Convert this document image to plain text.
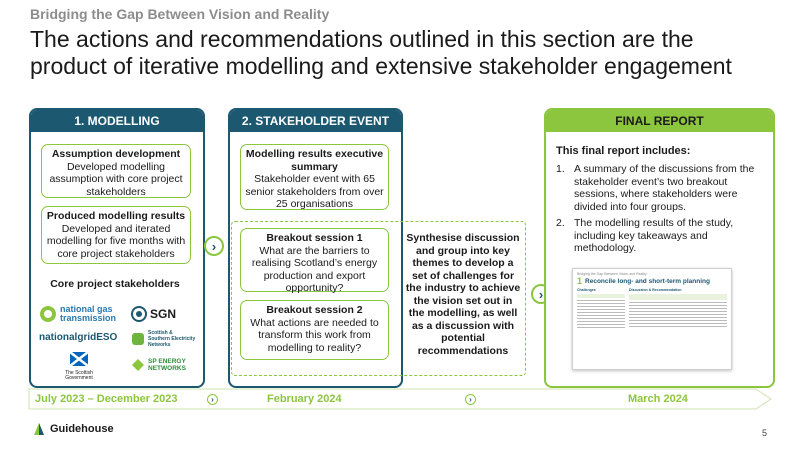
Bridging the Gap Between Vision and Reality
The actions and recommendations outlined in this section are the product of iterative modelling and extensive stakeholder engagement
1. MODELLING
Assumption development
Developed modelling assumption with core project stakeholders
Produced modelling results
Developed and iterated modelling for five months with core project stakeholders
Core project stakeholders
national gas transmission	SGN
nationalgridESO	Scottish & Southern Electricity Networks
The Scottish Government
SP ENERGY NETWORKS
›
2. STAKEHOLDER EVENT
Modelling results executive summary
Stakeholder event with 65 senior stakeholders from over 25 organisations
Breakout session 1
What are the barriers to realising Scotland’s energy production and export opportunity?
Breakout session 2
What actions are needed to transform this work from modelling to reality?
Synthesise discussion and group into key themes to develop a set of challenges for the industry to achieve the vision set out in the modelling, as well as a discussion with potential recommendations
›
FINAL REPORT
This final report includes:
1. A summary of the discussions from the stakeholder event’s two breakout sessions, where stakeholders were divided into four groups.
2. The modelling results of the study, including key takeaways and methodology.
Bridging the Gap Between Vision and Reality
1 Reconcile long- and short-term planning
Challenges	Discussion & Recommendation
July 2023 – December 2023	›	February 2024	›	March 2024
Guidehouse	5
